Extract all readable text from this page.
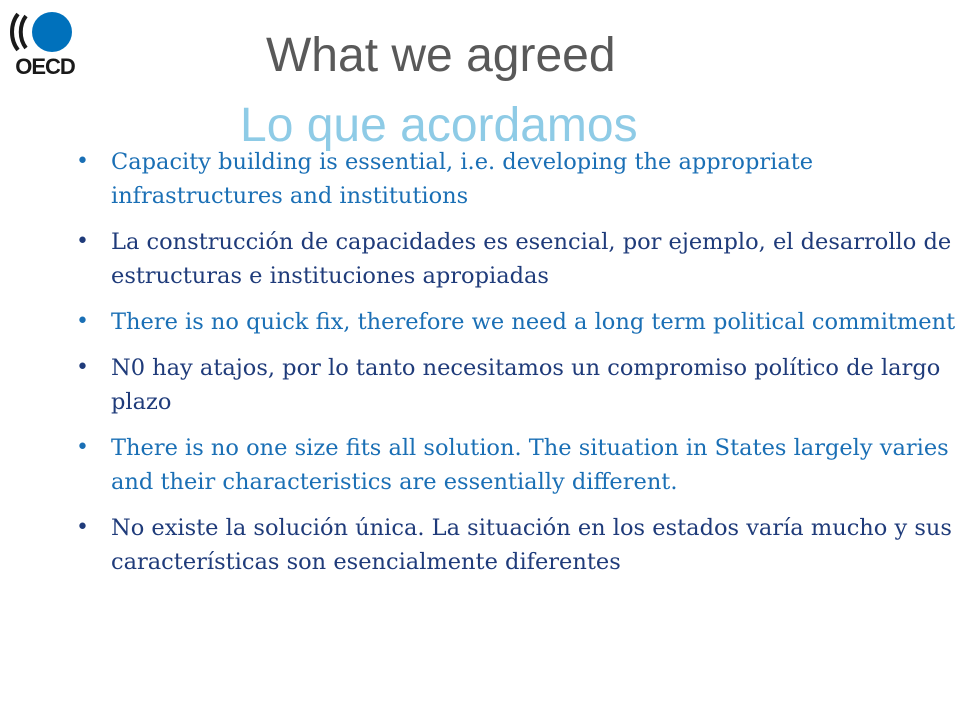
OECD	What we agreed
Lo que acordamos
• Capacity building is essential, i.e. developing the appropriate infrastructures and institutions
• La construcción de capacidades es esencial, por ejemplo, el desarrollo de estructuras e instituciones apropiadas
• There is no quick fix, therefore we need a long term political commitment
• N0 hay atajos, por lo tanto necesitamos un compromiso político de largo plazo
• There is no one size fits all solution. The situation in States largely varies and their characteristics are essentially different.
• No existe la solución única. La situación en los estados varía mucho y sus características son esencialmente diferentes
